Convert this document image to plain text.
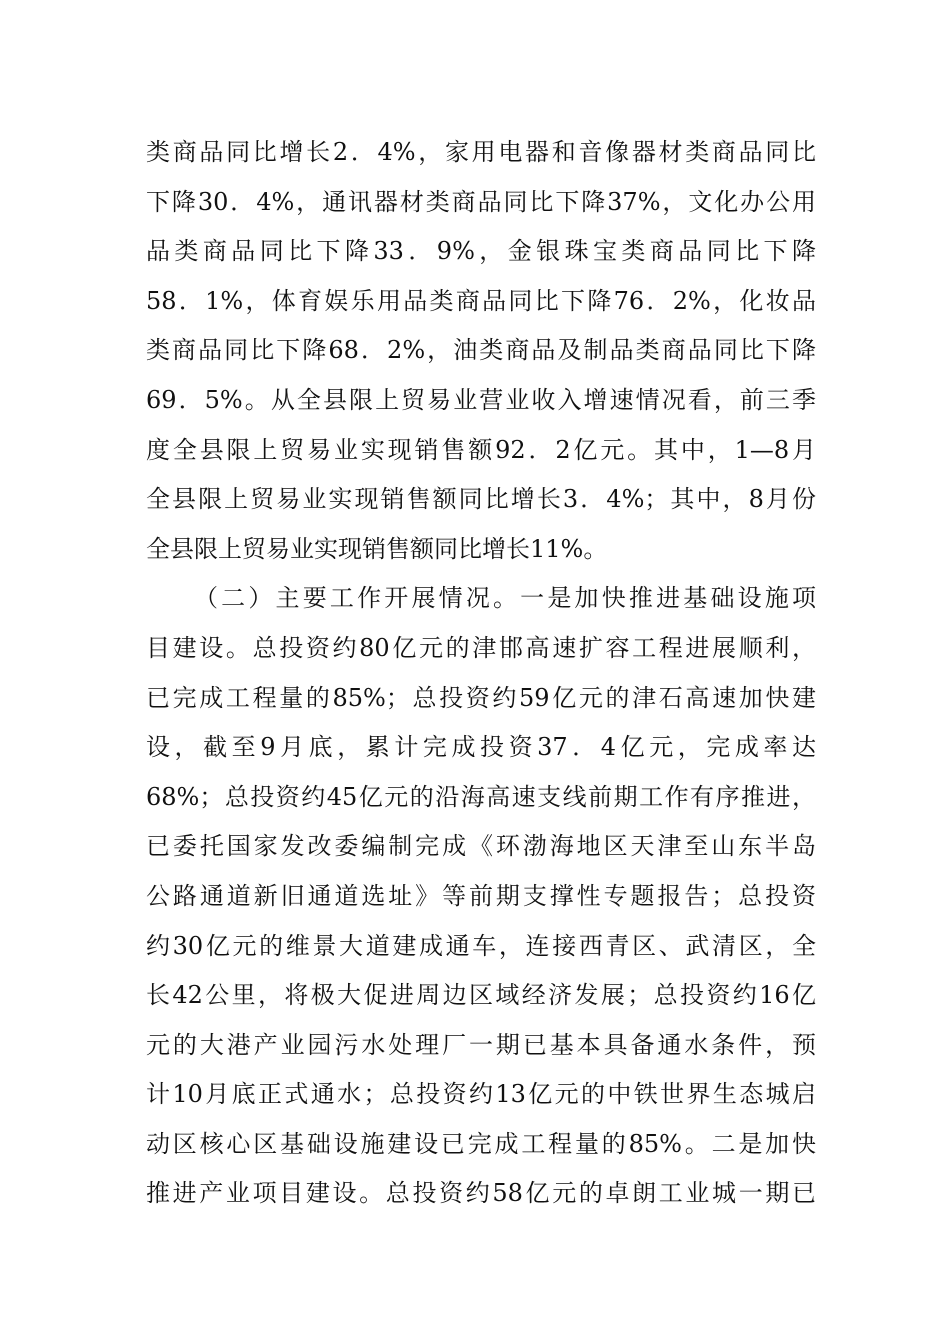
类商品同比增长2．4%，家用电器和音像器材类商品同比
下降30．4%，通讯器材类商品同比下降37%，文化办公用
品类商品同比下降33．9%，金银珠宝类商品同比下降
58．1%，体育娱乐用品类商品同比下降76．2%，化妆品
类商品同比下降68．2%，油类商品及制品类商品同比下降
69．5%。从全县限上贸易业营业收入增速情况看，前三季
度全县限上贸易业实现销售额92．2亿元。其中，1—8月
全县限上贸易业实现销售额同比增长3．4%；其中，8月份
全县限上贸易业实现销售额同比增长11%。
（二）主要工作开展情况。一是加快推进基础设施项
目建设。总投资约80亿元的津邯高速扩容工程进展顺利，
已完成工程量的85%；总投资约59亿元的津石高速加快建
设，截至9月底，累计完成投资37．4亿元，完成率达
68%；总投资约45亿元的沿海高速支线前期工作有序推进，
已委托国家发改委编制完成《环渤海地区天津至山东半岛
公路通道新旧通道选址》等前期支撑性专题报告；总投资
约30亿元的维景大道建成通车，连接西青区、武清区，全
长42公里，将极大促进周边区域经济发展；总投资约16亿
元的大港产业园污水处理厂一期已基本具备通水条件，预
计10月底正式通水；总投资约13亿元的中铁世界生态城启
动区核心区基础设施建设已完成工程量的85%。二是加快
推进产业项目建设。总投资约58亿元的卓朗工业城一期已
